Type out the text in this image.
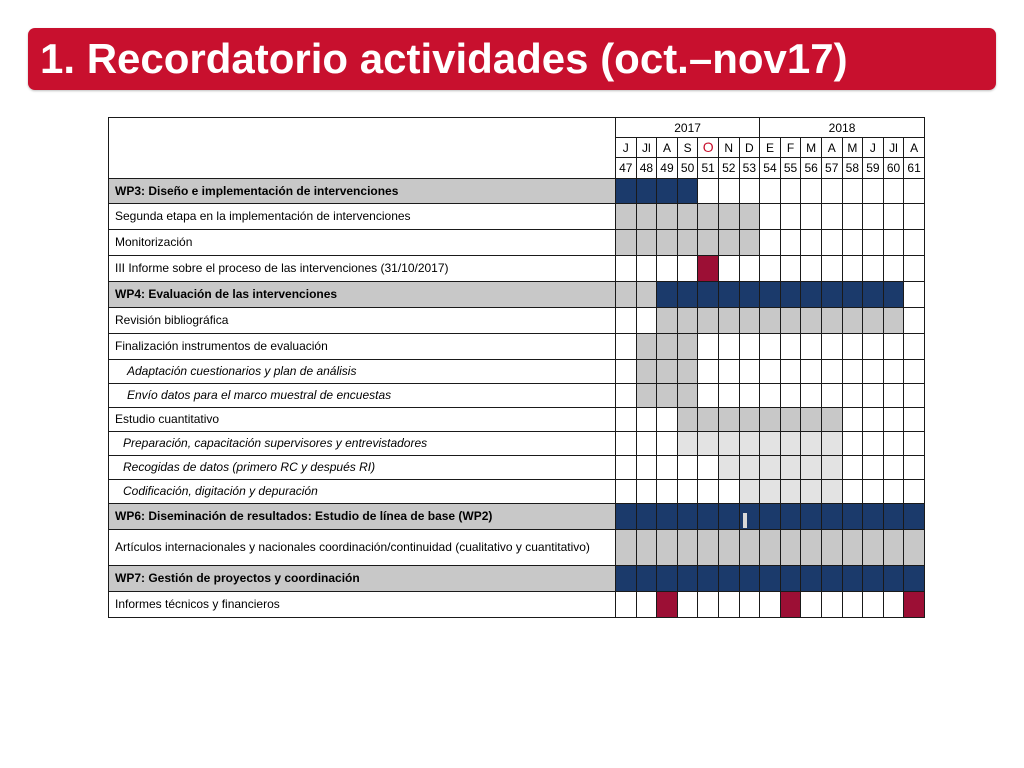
1. Recordatorio actividades (oct.–nov17)
	2017							2018							
	J	Jl	A	S	O	N	D	E	F	M	A	M	J	Jl	A
	47	48	49	50	51	52	53	54	55	56	57	58	59	60	61
WP3: Diseño e implementación de intervenciones															
Segunda etapa en la implementación de intervenciones															
Monitorización															
III Informe sobre el proceso de las intervenciones (31/10/2017)															
WP4: Evaluación de las intervenciones															
Revisión bibliográfica															
Finalización instrumentos de evaluación															
Adaptación cuestionarios y plan de análisis															
Envío datos para el marco muestral de encuestas															
Estudio cuantitativo															
Preparación, capacitación supervisores y entrevistadores															
Recogidas de datos (primero RC y después RI)															
Codificación, digitación y depuración															
WP6: Diseminación de resultados: Estudio de línea de base (WP2)															
Artículos internacionales y nacionales coordinación/continuidad (cualitativo y cuantitativo)															
WP7: Gestión de proyectos y coordinación															
Informes técnicos y financieros															
